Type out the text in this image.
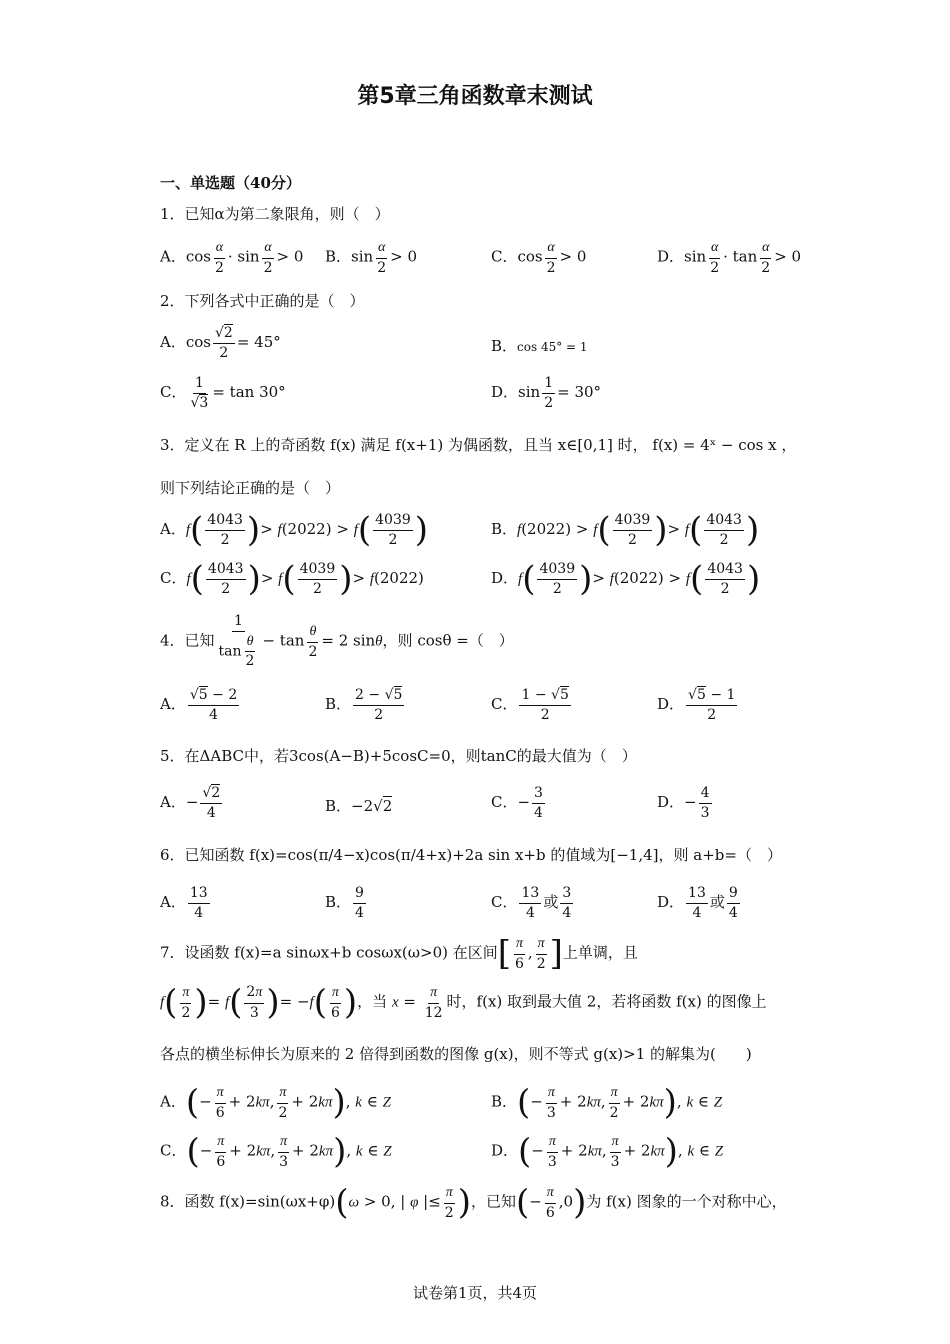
第5章三角函数章末测试
一、单选题（40分）
1．已知α为第二象限角，则（　）
A．$\cos \frac{\alpha}{2} \cdot \sin \frac{\alpha}{2} > 0$ B．$\sin \frac{\alpha}{2} > 0$	C．$\cos \frac{\alpha}{2} > 0$	D．$\sin \frac{\alpha}{2} \cdot \tan \frac{\alpha}{2} > 0$
2．下列各式中正确的是（　）
A．$\cos \frac{√2}{2} = 45^\circ$	B．cos 45° = 1
C． $\frac{1}{√3} = \tan 30^\circ$	D．$\sin \frac{1}{2} = 30^\circ$
3．定义在 R 上的奇函数 f(x) 满足 f(x+1) 为偶函数，且当 x∈[0,1] 时， f(x) = 4ˣ − cos x ，
则下列结论正确的是（　）
A．$f( \frac{4043}{2}$ )> $f(2022) > f( \frac{4039}{2}$ )	B．$f(2022) > f( \frac{4039}{2}$ )> $f( \frac{4043}{2}$ )
C．$f( \frac{4043}{2}$ )> $f( \frac{4039}{2}$ )> f(2022)	D．$f( \frac{4039}{2}$ )> $f(2022) > f( \frac{4043}{2}$ )
4．已知 $\frac{1}{\tan \frac{\theta}{2}} - \tan \frac{\theta}{2} = 2$ sinθ，则 cosθ =（　）
A． $\frac{√5 - 2}{4}$	B． $\frac{2 - √5}{2}$	C． $\frac{1 - √5}{2}$	D． $\frac{√5 - 1}{2}$
5．在ΔABC中，若3cos(A−B)+5cosC=0，则tanC的最大值为（　）
A．− $\frac{√2}{4}$	B．−2√2	C．− $\frac{3}{4}$	D．− $\frac{4}{3}$
6．已知函数 f(x)=cos(π/4−x)cos(π/4+x)+2a sin x+b 的值域为[−1,4]，则 a+b=（　）
A． $\frac{13}{4}$	B． $\frac{9}{4}$	C． $\frac{13}{4}$ 或 $\frac{3}{4}$	D． $\frac{13}{4}$ 或 $\frac{9}{4}$
7．设函数 f(x)=a sinωx+b cosωx(ω>0) 在区间[ $\frac{\pi}{6}$ , $\frac{\pi}{2}$ ]上单调，且
$f( \frac{\pi}{2}$ )= $f( \frac{2\pi}{3}$ )= $-f( \frac{\pi}{6}$ )，当 $x = \frac{\pi}{12}$ 时，f(x) 取到最大值 2，若将函数 f(x) 的图像上
各点的横坐标伸长为原来的 2 倍得到函数的图像 g(x)，则不等式 g(x)>1 的解集为(　　)
A．(− $\frac{\pi}{6} + 2k\pi$, $\frac{\pi}{2} + 2k\pi$), k ∈ Z	B．(− $\frac{\pi}{3} + 2k\pi$, $\frac{\pi}{2} + 2k\pi$), k ∈ Z
C．(− $\frac{\pi}{6} + 2k\pi$, $\frac{\pi}{3} + 2k\pi$), k ∈ Z	D．(− $\frac{\pi}{3} + 2k\pi$, $\frac{\pi}{3} + 2k\pi$), k ∈ Z
8．函数 f(x)=sin(ωx+φ)(ω > 0, | φ |≤ $\frac{\pi}{2}$ )，已知(− $\frac{\pi}{6} ,0$)为 f(x) 图象的一个对称中心，
试卷第1页，共4页
